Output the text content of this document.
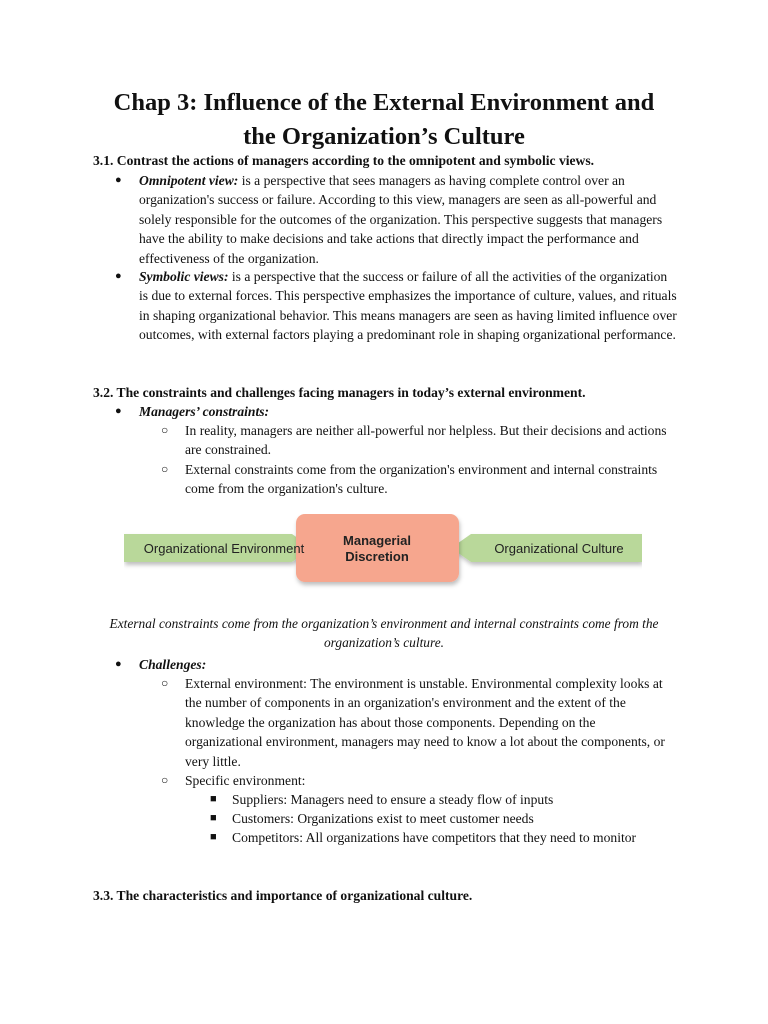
Chap 3: Influence of the External Environment and
the Organization’s Culture

3.1. Contrast the actions of managers according to the omnipotent and symbolic views.

● Omnipotent view: is a perspective that sees managers as having complete control over an organization's success or failure. According to this view, managers are seen as all-powerful and solely responsible for the outcomes of the organization. This perspective suggests that managers have the ability to make decisions and take actions that directly impact the performance and effectiveness of the organization.
● Symbolic views: is a perspective that the success or failure of all the activities of the organization is due to external forces. This perspective emphasizes the importance of culture, values, and rituals in shaping organizational behavior. This means managers are seen as having limited influence over outcomes, with external factors playing a predominant role in shaping organizational performance.

3.2. The constraints and challenges facing managers in today’s external environment.

● Managers’ constraints:
○ In reality, managers are neither all-powerful nor helpless. But their decisions and actions are constrained.
○ External constraints come from the organization's environment and internal constraints come from the organization's culture.
Organizational Environment
Managerial
Discretion
Organizational Culture

External constraints come from the organization’s environment and internal constraints come from the organization’s culture.

● Challenges:
○ External environment: The environment is unstable. Environmental complexity looks at the number of components in an organization's environment and the extent of the knowledge the organization has about those components. Depending on the organizational environment, managers may need to know a lot about the components, or very little.
○ Specific environment:
■ Suppliers: Managers need to ensure a steady flow of inputs
■ Customers: Organizations exist to meet customer needs
■ Competitors: All organizations have competitors that they need to monitor

3.3. The characteristics and importance of organizational culture.
